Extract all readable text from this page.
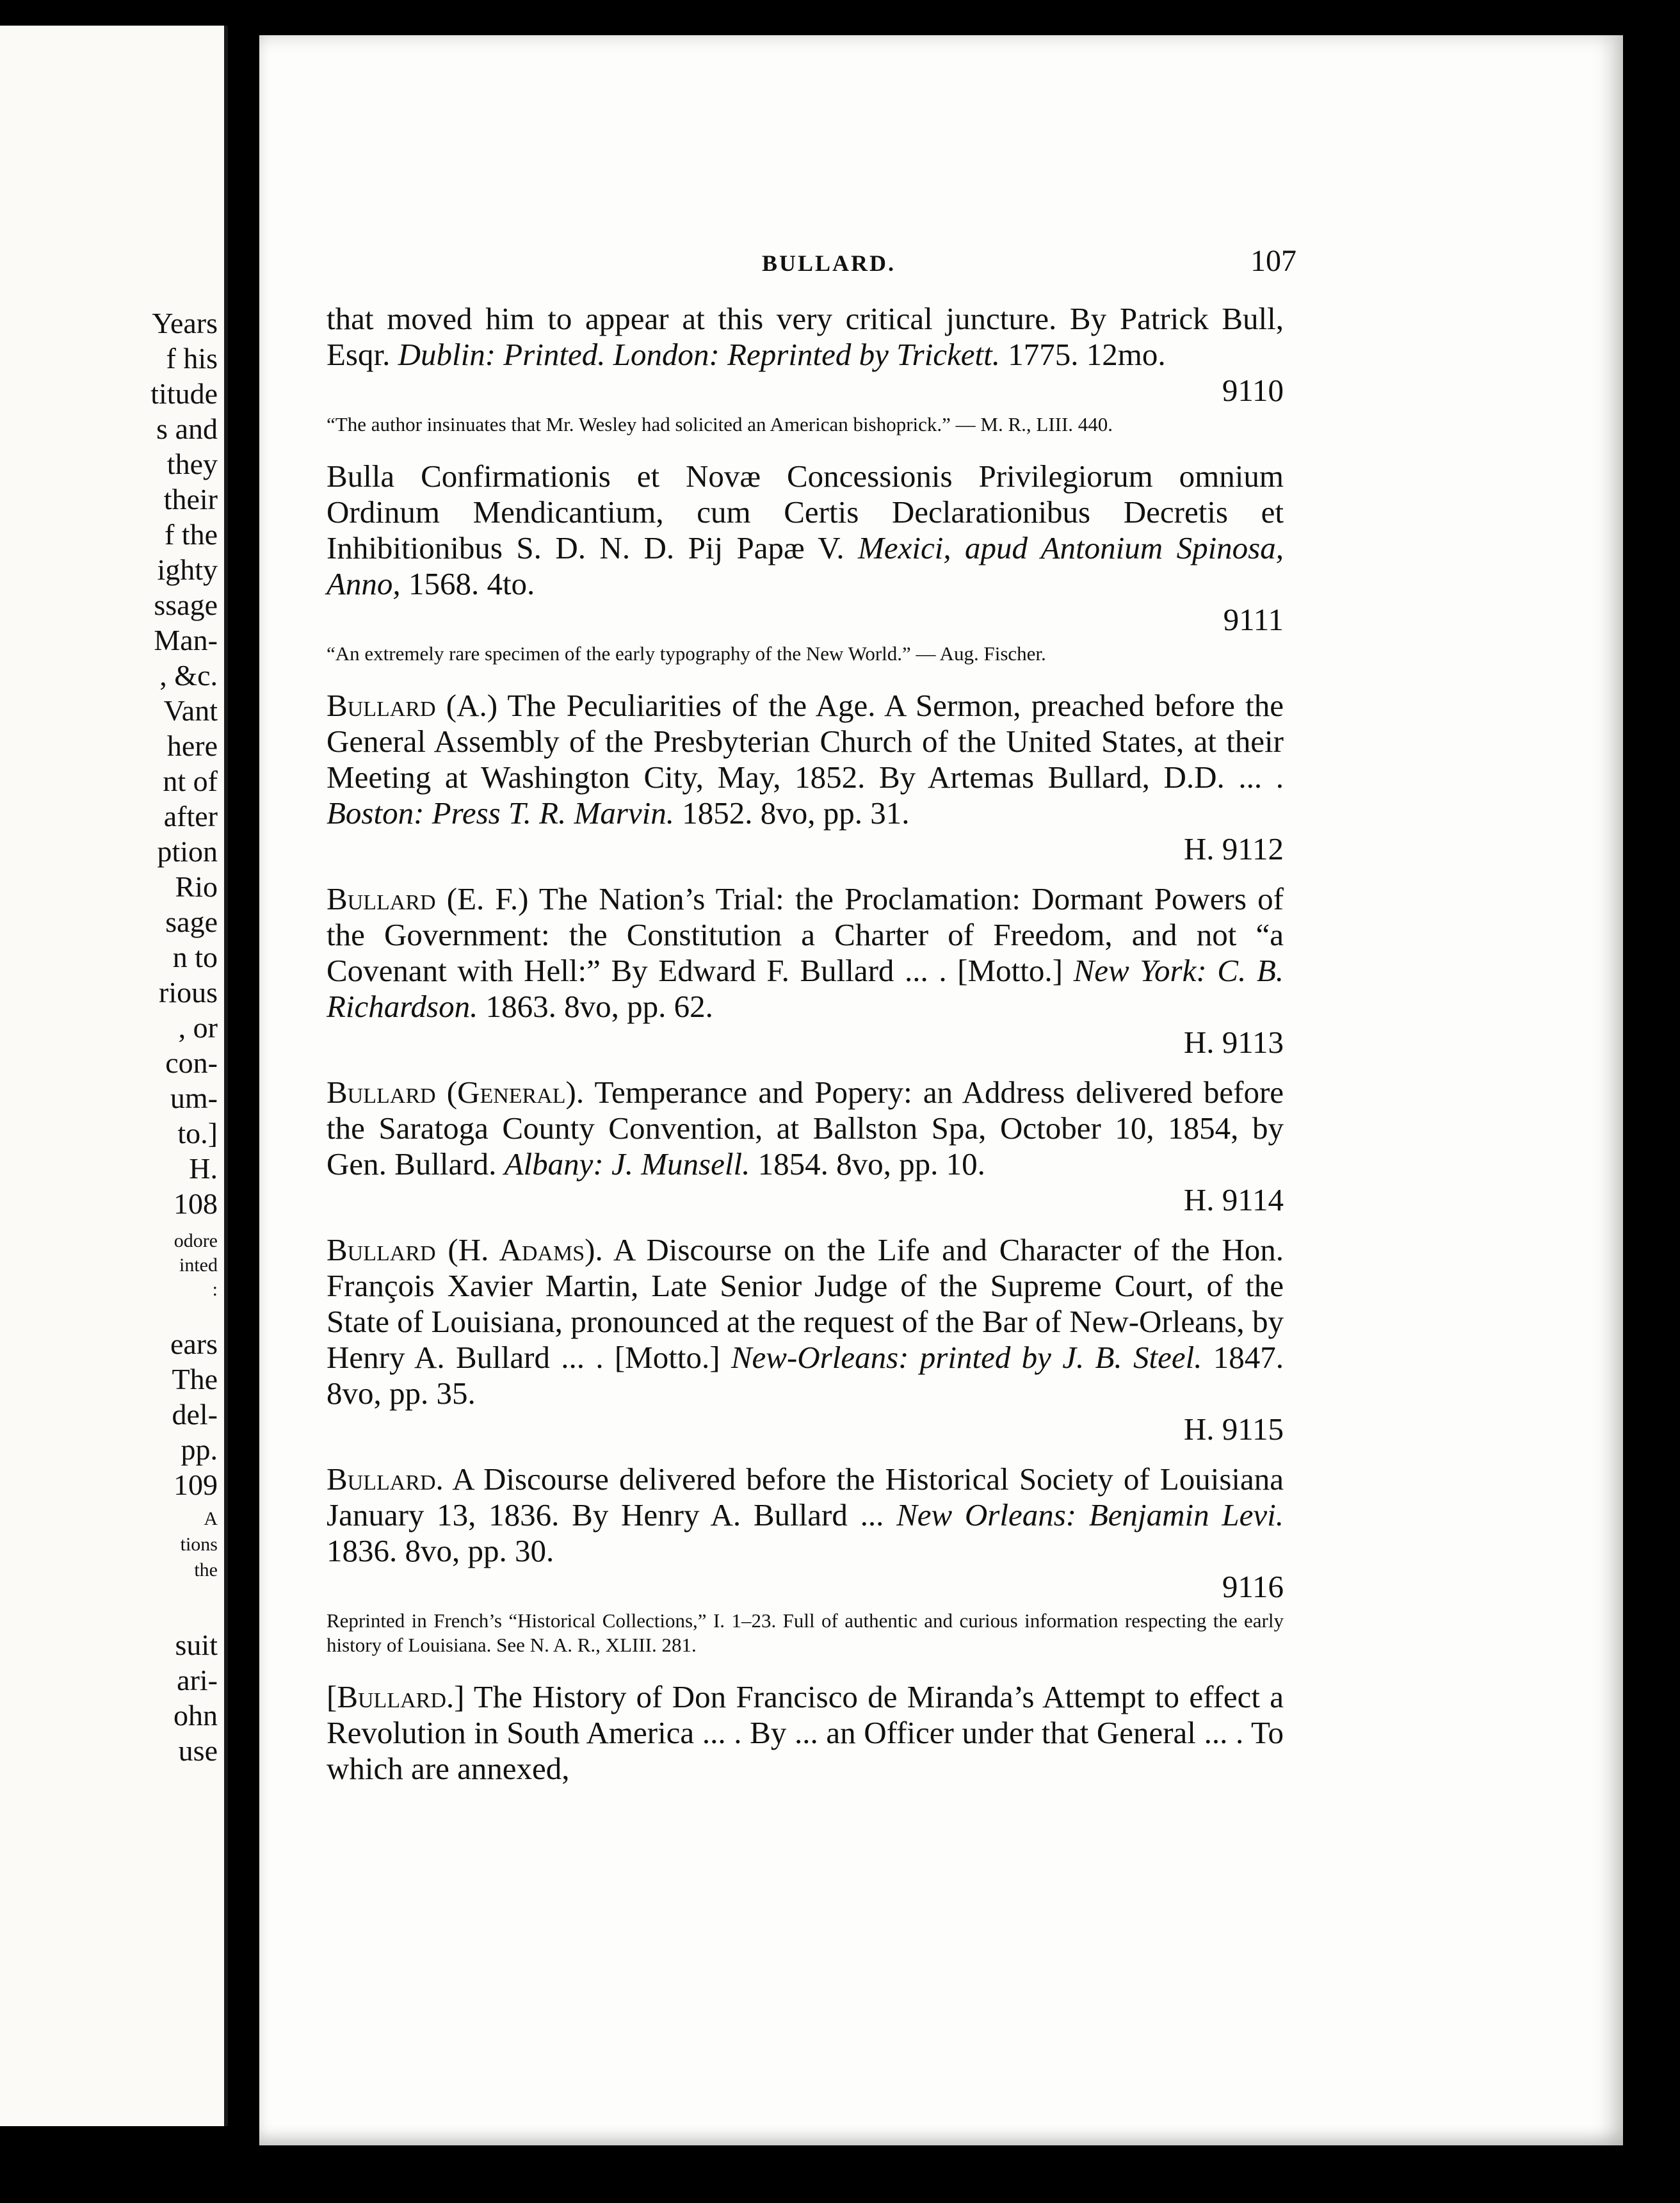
Years
f his
titude
s and
they
their
f the
ighty
ssage
Man-
, &c.
Vant
here
nt of
after
ption
Rio
sage
n to
rious
, or
con-
um-
to.]
H.
108
odore
inted
:
ears
The
del-
pp.
109
A
tions
the
suit
ari-
ohn
use
BULLARD.	107
that moved him to appear at this very critical juncture. By Patrick Bull, Esqr. Dublin: Printed. London: Reprinted by Trickett. 1775. 12mo.
9110

“The author insinuates that Mr. Wesley had solicited an American bishoprick.” — M. R., LIII. 440.

Bulla Confirmationis et Novæ Concessionis Privilegiorum omnium Ordinum Mendicantium, cum Certis Declarationibus Decretis et Inhibitionibus S. D. N. D. Pij Papæ V. Mexici, apud Antonium Spinosa, Anno, 1568. 4to.
9111

“An extremely rare specimen of the early typography of the New World.” — Aug. Fischer.

Bullard (A.) The Peculiarities of the Age. A Sermon, preached before the General Assembly of the Presbyterian Church of the United States, at their Meeting at Washington City, May, 1852. By Artemas Bullard, D.D. ... . Boston: Press T. R. Marvin. 1852. 8vo, pp. 31.
H. 9112
Bullard (E. F.) The Nation’s Trial: the Proclamation: Dormant Powers of the Government: the Constitution a Charter of Freedom, and not “a Covenant with Hell:” By Edward F. Bullard ... . [Motto.] New York: C. B. Richardson. 1863. 8vo, pp. 62.
H. 9113
Bullard (General). Temperance and Popery: an Address delivered before the Saratoga County Convention, at Ballston Spa, October 10, 1854, by Gen. Bullard. Albany: J. Munsell. 1854. 8vo, pp. 10.
H. 9114
Bullard (H. Adams). A Discourse on the Life and Character of the Hon. François Xavier Martin, Late Senior Judge of the Supreme Court, of the State of Louisiana, pronounced at the request of the Bar of New-Orleans, by Henry A. Bullard ... . [Motto.] New-Orleans: printed by J. B. Steel. 1847. 8vo, pp. 35.
H. 9115
Bullard. A Discourse delivered before the Historical Society of Louisiana January 13, 1836. By Henry A. Bullard ... New Orleans: Benjamin Levi. 1836. 8vo, pp. 30.
9116

Reprinted in French’s “Historical Collections,” I. 1–23. Full of authentic and curious information respecting the early history of Louisiana. See N. A. R., XLIII. 281.

[Bullard.] The History of Don Francisco de Miranda’s Attempt to effect a Revolution in South America ... . By ... an Officer under that General ... . To which are annexed,
